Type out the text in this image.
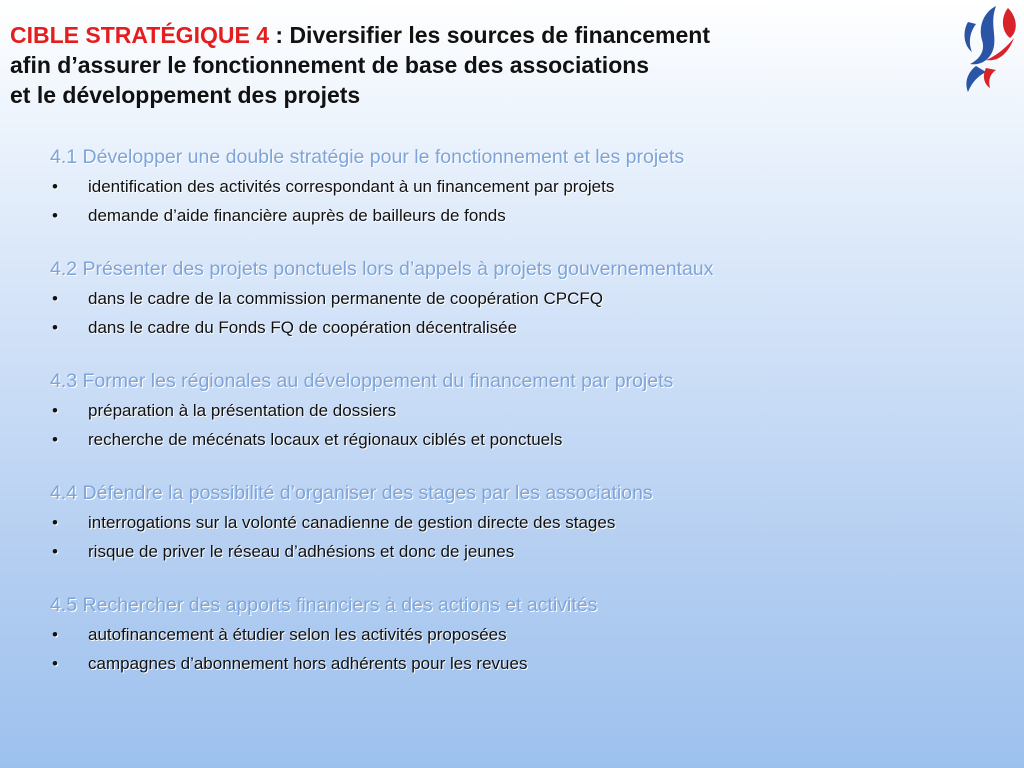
CIBLE STRATÉGIQUE 4 : Diversifier les sources de financement
afin d’assurer le fonctionnement de base des associations
et le développement des projets
4.1 Développer une double stratégie pour le fonctionnement et les projets
•	identification des activités correspondant à un financement par projets
•	demande d’aide financière auprès de bailleurs de fonds
4.2 Présenter des projets ponctuels lors d’appels à projets gouvernementaux
•	dans le cadre de la commission permanente de coopération CPCFQ
•	dans le cadre du Fonds FQ de coopération décentralisée
4.3 Former les régionales au développement du financement par projets
•	préparation à la présentation de dossiers
•	recherche de mécénats locaux et régionaux ciblés et ponctuels
4.4 Défendre la possibilité d’organiser des stages par les associations
•	interrogations sur la volonté canadienne de gestion directe des stages
•	risque de priver le réseau d’adhésions et donc de jeunes
4.5 Rechercher des apports financiers à des actions et activités
•	autofinancement à étudier selon les activités proposées
•	campagnes d’abonnement hors adhérents pour les revues
